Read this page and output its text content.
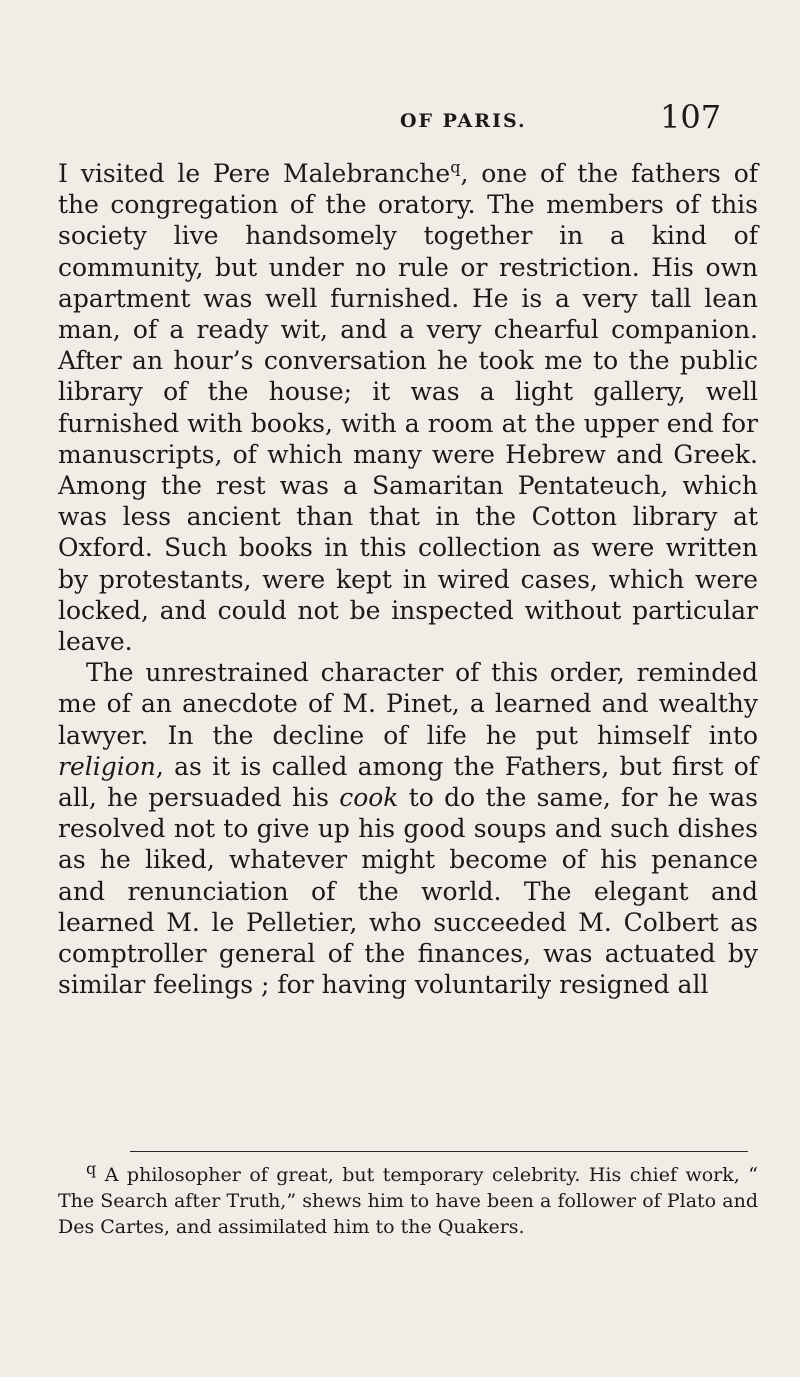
OF PARIS.	107

I visited le Pere Malebranche$^q$, one of the fathers of the congregation of the oratory. The members of this society live handsomely together in a kind of community, but under no rule or restriction. His own apartment was well furnished. He is a very tall lean man, of a ready wit, and a very chearful companion. After an hour’s conversation he took me to the public library of the house; it was a light gallery, well furnished with books, with a room at the upper end for manuscripts, of which many were Hebrew and Greek. Among the rest was a Samaritan Pentateuch, which was less ancient than that in the Cotton library at Oxford. Such books in this collection as were written by protestants, were kept in wired cases, which were locked, and could not be inspected without particular leave.

The unrestrained character of this order, reminded me of an anecdote of M. Pinet, a learned and wealthy lawyer. In the decline of life he put himself into religion, as it is called among the Fathers, but first of all, he persuaded his cook to do the same, for he was resolved not to give up his good soups and such dishes as he liked, whatever might become of his penance and renunciation of the world. The elegant and learned M. le Pelletier, who succeeded M. Colbert as comptroller general of the finances, was actuated by similar feelings ; for having voluntarily resigned all

$^q$ A philosopher of great, but temporary celebrity. His chief work, “ The Search after Truth,” shews him to have been a follower of Plato and Des Cartes, and assimilated him to the Quakers.
